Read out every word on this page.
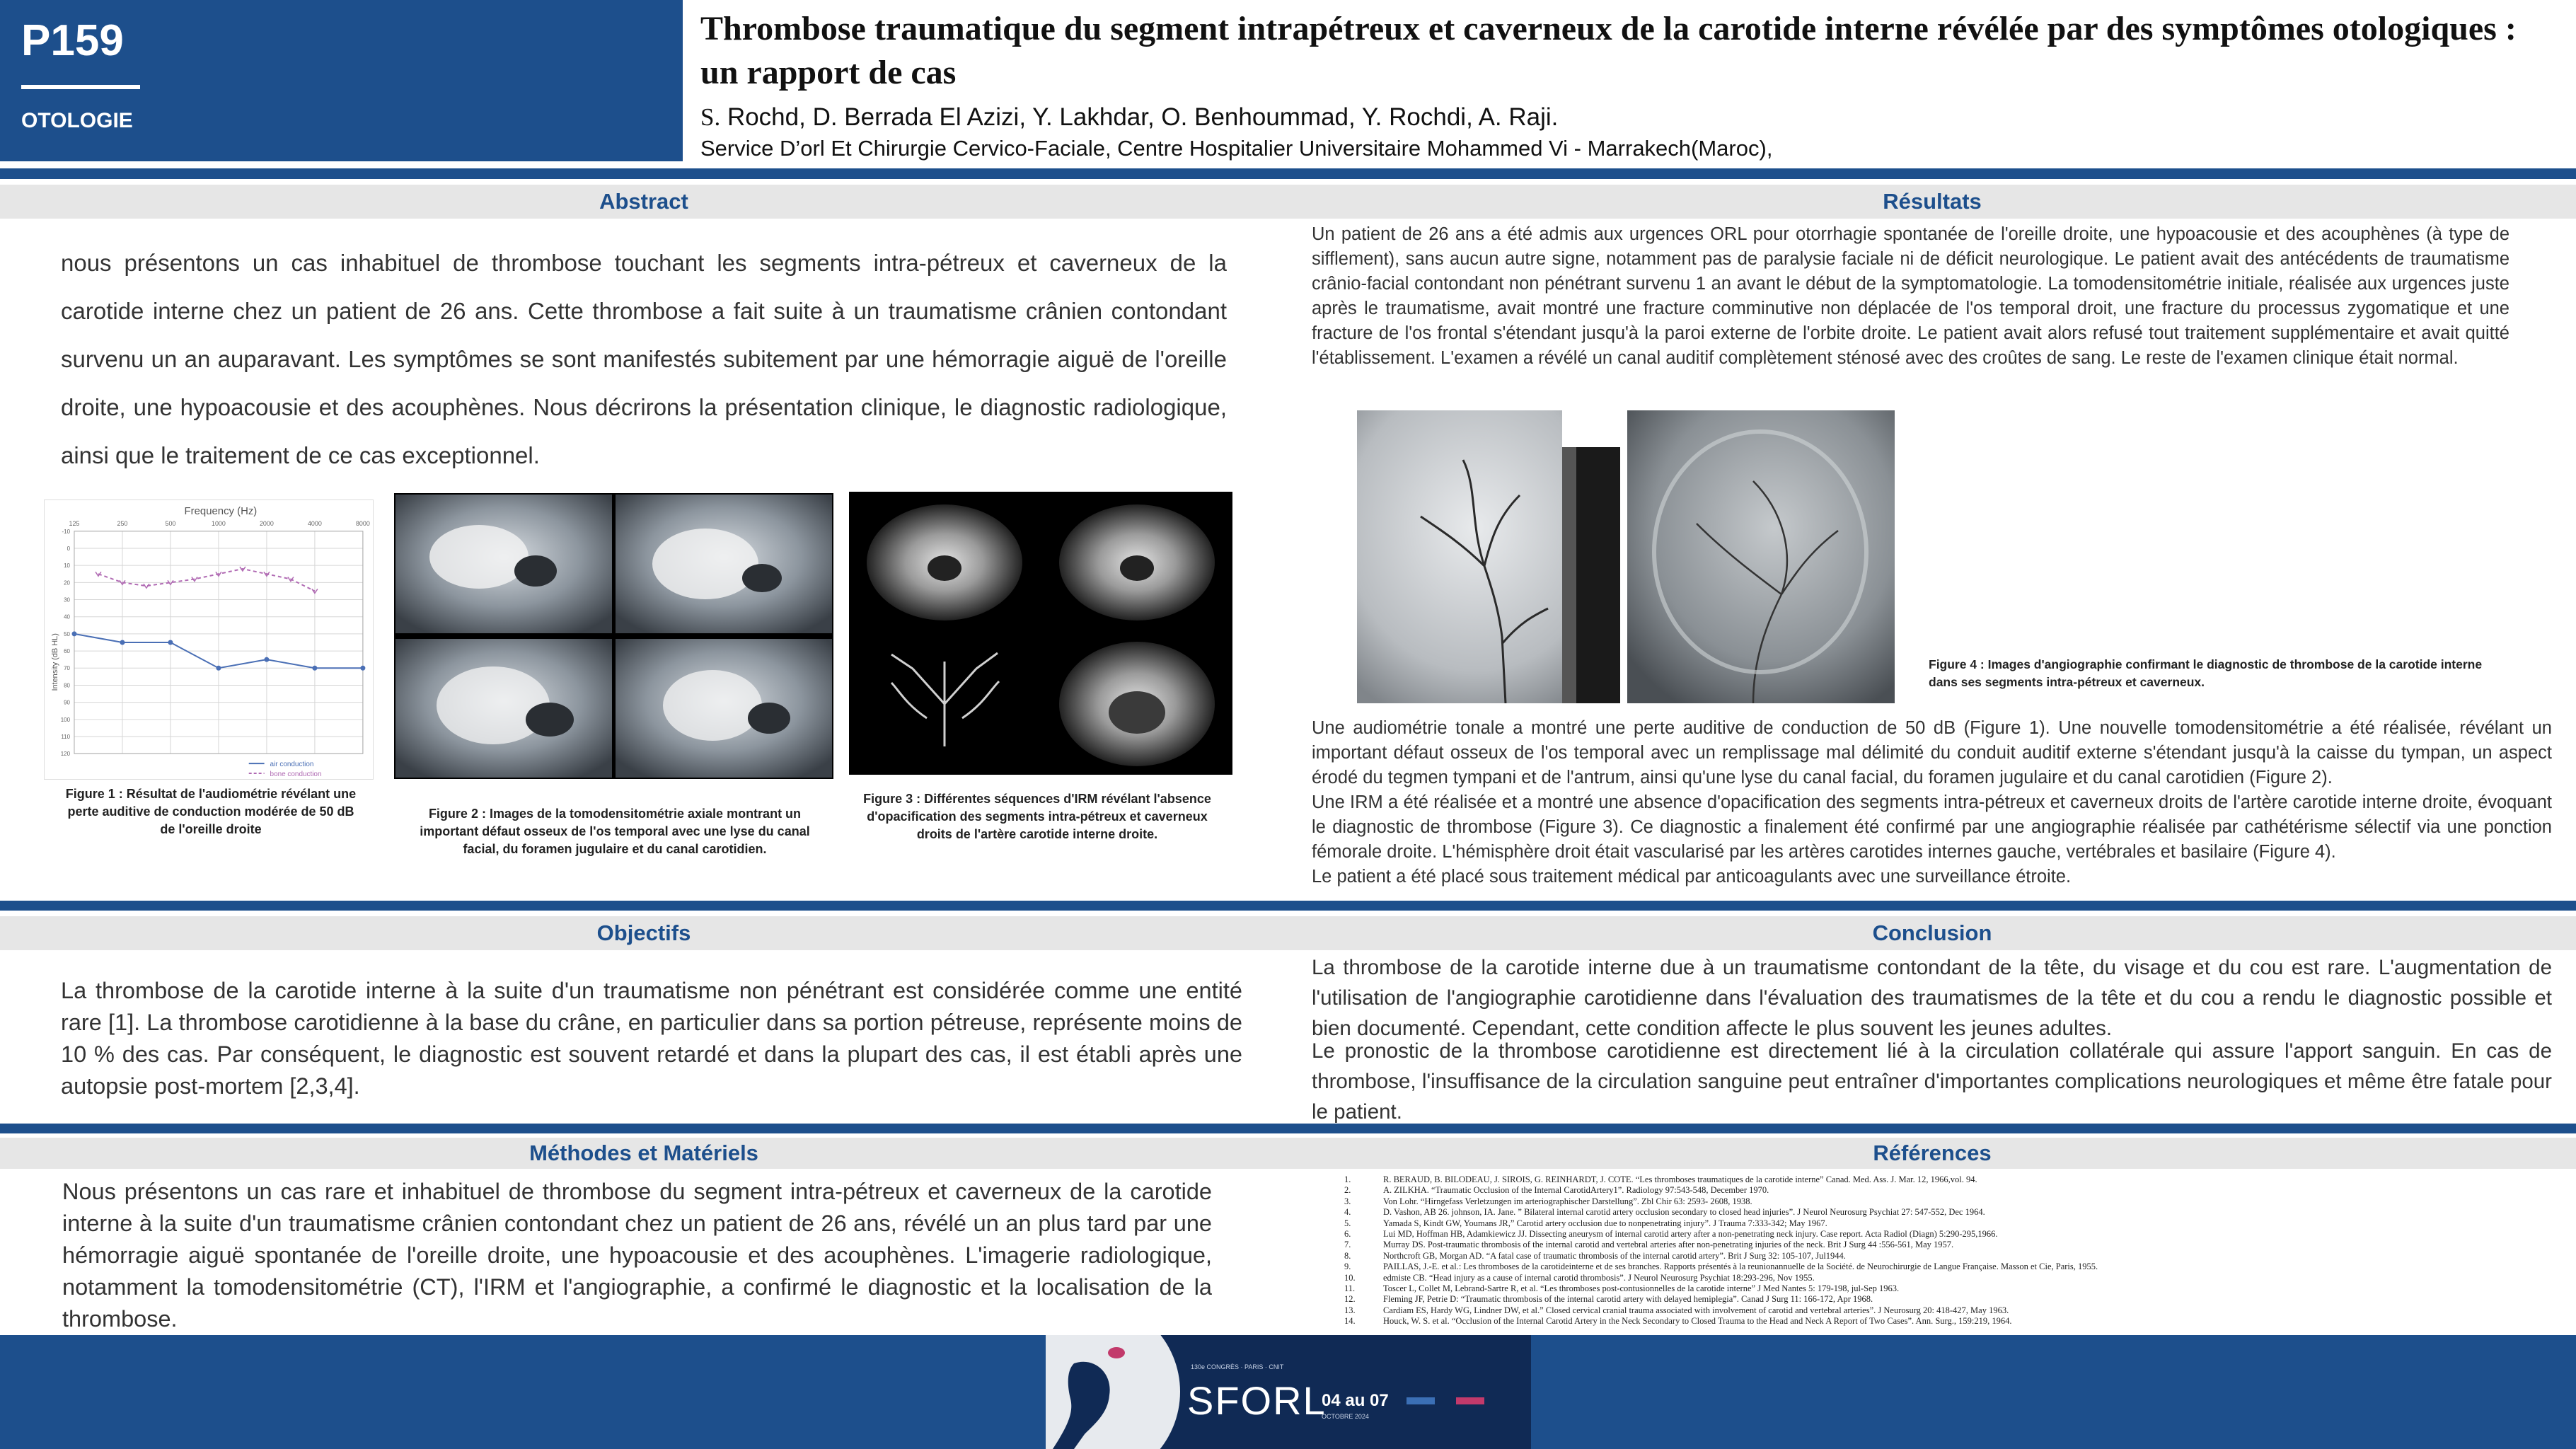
P159
OTOLOGIE
Thrombose traumatique du segment intrapétreux et caverneux de la carotide interne révélée par des symptômes otologiques : un rapport de cas
S. Rochd, D. Berrada El Azizi, Y. Lakhdar, O. Benhoummad, Y. Rochdi, A. Raji.
Service D’orl Et Chirurgie Cervico-Faciale, Centre Hospitalier Universitaire Mohammed Vi - Marrakech(Maroc),
Abstract	Résultats
nous présentons un cas inhabituel de thrombose touchant les segments intra-pétreux et caverneux de la carotide interne chez un patient de 26 ans. Cette thrombose a fait suite à un traumatisme crânien contondant survenu un an auparavant. Les symptômes se sont manifestés subitement par une hémorragie aiguë de l'oreille droite, une hypoacousie et des acouphènes. Nous décrirons la présentation clinique, le diagnostic radiologique, ainsi que le traitement de ce cas exceptionnel.
Frequency (Hz)
Intensity (dB HL)
125	250	500	1000	2000	4000	8000
-10
0
10
20
30
40
50
60
70
80
90
100
110
120
air conduction
bone conduction
Figure 1 : Résultat de l'audiométrie révélant une perte auditive de conduction modérée de 50 dB de l'oreille droite
Figure 2 : Images de la tomodensitométrie axiale montrant un important défaut osseux de l'os temporal avec une lyse du canal facial, du foramen jugulaire et du canal carotidien.
Figure 3 : Différentes séquences d'IRM révélant l'absence d'opacification des segments intra-pétreux et caverneux droits de l'artère carotide interne droite.
Un patient de 26 ans a été admis aux urgences ORL pour otorrhagie spontanée de l'oreille droite, une hypoacousie et des acouphènes (à type de sifflement), sans aucun autre signe, notamment pas de paralysie faciale ni de déficit neurologique. Le patient avait des antécédents de traumatisme crânio-facial contondant non pénétrant survenu 1 an avant le début de la symptomatologie. La tomodensitométrie initiale, réalisée aux urgences juste après le traumatisme, avait montré une fracture comminutive non déplacée de l'os temporal droit, une fracture du processus zygomatique et une fracture de l'os frontal s'étendant jusqu'à la paroi externe de l'orbite droite. Le patient avait alors refusé tout traitement supplémentaire et avait quitté l'établissement. L'examen a révélé un canal auditif complètement sténosé avec des croûtes de sang. Le reste de l'examen clinique était normal.
Figure 4 : Images d'angiographie confirmant le diagnostic de thrombose de la carotide interne dans ses segments intra-pétreux et caverneux.
Une audiométrie tonale a montré une perte auditive de conduction de 50 dB (Figure 1). Une nouvelle tomodensitométrie a été réalisée, révélant un important défaut osseux de l'os temporal avec un remplissage mal délimité du conduit auditif externe s'étendant jusqu'à la caisse du tympan, un aspect érodé du tegmen tympani et de l'antrum, ainsi qu'une lyse du canal facial, du foramen jugulaire et du canal carotidien (Figure 2).
Une IRM a été réalisée et a montré une absence d'opacification des segments intra-pétreux et caverneux droits de l'artère carotide interne droite, évoquant le diagnostic de thrombose (Figure 3). Ce diagnostic a finalement été confirmé par une angiographie réalisée par cathétérisme sélectif via une ponction fémorale droite. L'hémisphère droit était vascularisé par les artères carotides internes gauche, vertébrales et basilaire (Figure 4).
Le patient a été placé sous traitement médical par anticoagulants avec une surveillance étroite.
Objectifs	Conclusion
La thrombose de la carotide interne à la suite d'un traumatisme non pénétrant est considérée comme une entité rare [1]. La thrombose carotidienne à la base du crâne, en particulier dans sa portion pétreuse, représente moins de 10 % des cas. Par conséquent, le diagnostic est souvent retardé et dans la plupart des cas, il est établi après une autopsie post-mortem [2,3,4].
La thrombose de la carotide interne due à un traumatisme contondant de la tête, du visage et du cou est rare. L'augmentation de l'utilisation de l'angiographie carotidienne dans l'évaluation des traumatismes de la tête et du cou a rendu le diagnostic possible et bien documenté. Cependant, cette condition affecte le plus souvent les jeunes adultes.
Le pronostic de la thrombose carotidienne est directement lié à la circulation collatérale qui assure l'apport sanguin. En cas de thrombose, l'insuffisance de la circulation sanguine peut entraîner d'importantes complications neurologiques et même être fatale pour le patient.
Méthodes et Matériels	Références
Nous présentons un cas rare et inhabituel de thrombose du segment intra-pétreux et caverneux de la carotide interne à la suite d'un traumatisme crânien contondant chez un patient de 26 ans, révélé un an plus tard par une hémorragie aiguë spontanée de l'oreille droite, une hypoacousie et des acouphènes. L'imagerie radiologique, notamment la tomodensitométrie (CT), l'IRM et l'angiographie, a confirmé le diagnostic et la localisation de la thrombose.
1.	R. BERAUD, B. BILODEAU, J. SIROIS, G. REINHARDT, J. COTE. “Les thromboses traumatiques de la carotide interne” Canad. Med. Ass. J. Mar. 12, 1966,vol. 94.
2.	A. ZILKHA. “Traumatic Occlusion of the Internal CarotidArtery1”. Radiology 97:543-548, December 1970.
3.	Von Lohr. “Hirngefass Verletzungen im arteriographischer Darstellung”. Zbl Chir 63: 2593- 2608, 1938.
4.	D. Vashon, AB 26. johnson, IA. Jane. ” Bilateral internal carotid artery occlusion secondary to closed head injuries”. J Neurol Neurosurg Psychiat 27: 547-552, Dec 1964.
5.	Yamada S, Kindt GW, Youmans JR,” Carotid artery occlusion due to nonpenetrating injury”. J Trauma 7:333-342; May 1967.
6.	Lui MD, Hoffman HB, Adamkiewicz JJ. Dissecting aneurysm of internal carotid artery after a non-penetrating neck injury. Case report. Acta Radiol (Diagn) 5:290-295,1966.
7.	Murray DS. Post-traumatic thrombosis of the internal carotid and vertebral arteries after non-penetrating injuries of the neck. Brit J Surg 44 :556-561, May 1957.
8.	Northcroft GB, Morgan AD. “A fatal case of traumatic thrombosis of the internal carotid artery”. Brit J Surg 32: 105-107, Jul1944.
9.	PAILLAS, J.-E. et al.: Les thromboses de la carotideinterne et de ses branches. Rapports présentés à la reunionannuelle de la Société. de Neurochirurgie de Langue Française. Masson et Cie, Paris, 1955.
10.	edmiste CB. “Head injury as a cause of internal carotid thrombosis”. J Neurol Neurosurg Psychiat 18:293-296, Nov 1955.
11.	Toscer L, Collet M, Lebrand-Sartre R, et al. “Les thromboses post-contusionnelles de la carotide interne” J Med Nantes 5: 179-198, jul-Sep 1963.
12.	Fleming JF, Petrie D: “Traumatic thrombosis of the internal carotid artery with delayed hemiplegia”. Canad J Surg 11: 166-172, Apr 1968.
13.	Cardiam ES, Hardy WG, Lindner DW, et al.” Closed cervical cranial trauma associated with involvement of carotid and vertebral arteries”. J Neurosurg 20: 418-427, May 1963.
14.	Houck, W. S. et al. “Occlusion of the Internal Carotid Artery in the Neck Secondary to Closed Trauma to the Head and Neck A Report of Two Cases”. Ann. Surg., 159:219, 1964.
130e CONGRÈS · PARIS · CNIT
SFORL
04 au 07
OCTOBRE 2024
